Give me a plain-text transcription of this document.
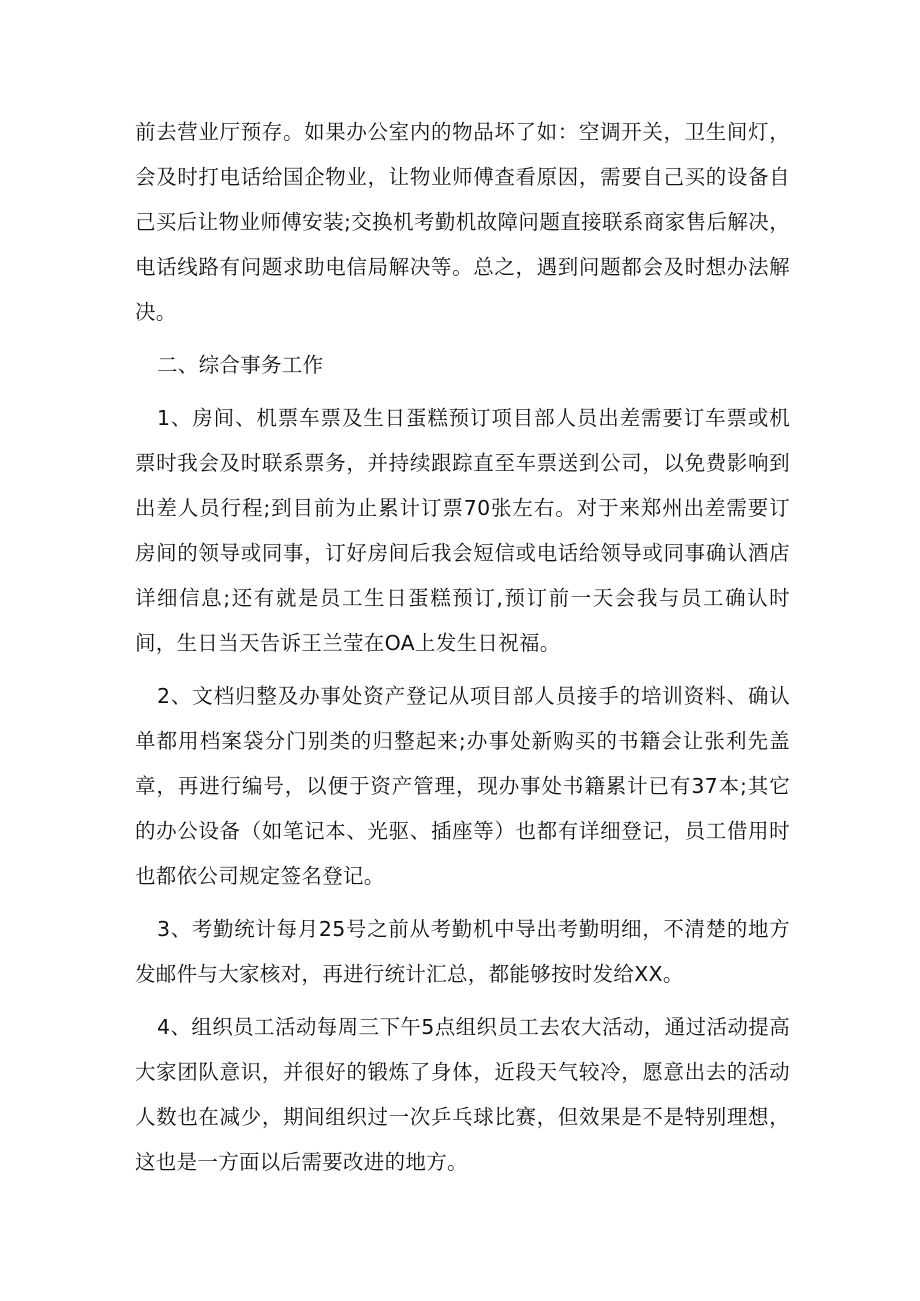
前去营业厅预存。如果办公室内的物品坏了如：空调开关，卫生间灯，会及时打电话给国企物业，让物业师傅查看原因，需要自己买的设备自己买后让物业师傅安装;交换机考勤机故障问题直接联系商家售后解决，电话线路有问题求助电信局解决等。总之，遇到问题都会及时想办法解决。

二、综合事务工作

1、房间、机票车票及生日蛋糕预订项目部人员出差需要订车票或机票时我会及时联系票务，并持续跟踪直至车票送到公司，以免费影响到出差人员行程;到目前为止累计订票70张左右。对于来郑州出差需要订房间的领导或同事，订好房间后我会短信或电话给领导或同事确认酒店详细信息;还有就是员工生日蛋糕预订,预订前一天会我与员工确认时间，生日当天告诉王兰莹在OA上发生日祝福。

2、文档归整及办事处资产登记从项目部人员接手的培训资料、确认单都用档案袋分门别类的归整起来;办事处新购买的书籍会让张利先盖章，再进行编号，以便于资产管理，现办事处书籍累计已有37本;其它的办公设备（如笔记本、光驱、插座等）也都有详细登记，员工借用时也都依公司规定签名登记。

3、考勤统计每月25号之前从考勤机中导出考勤明细，不清楚的地方发邮件与大家核对，再进行统计汇总，都能够按时发给XX。

4、组织员工活动每周三下午5点组织员工去农大活动，通过活动提高大家团队意识，并很好的锻炼了身体，近段天气较冷，愿意出去的活动人数也在减少，期间组织过一次乒乓球比赛，但效果是不是特别理想，这也是一方面以后需要改进的地方。
